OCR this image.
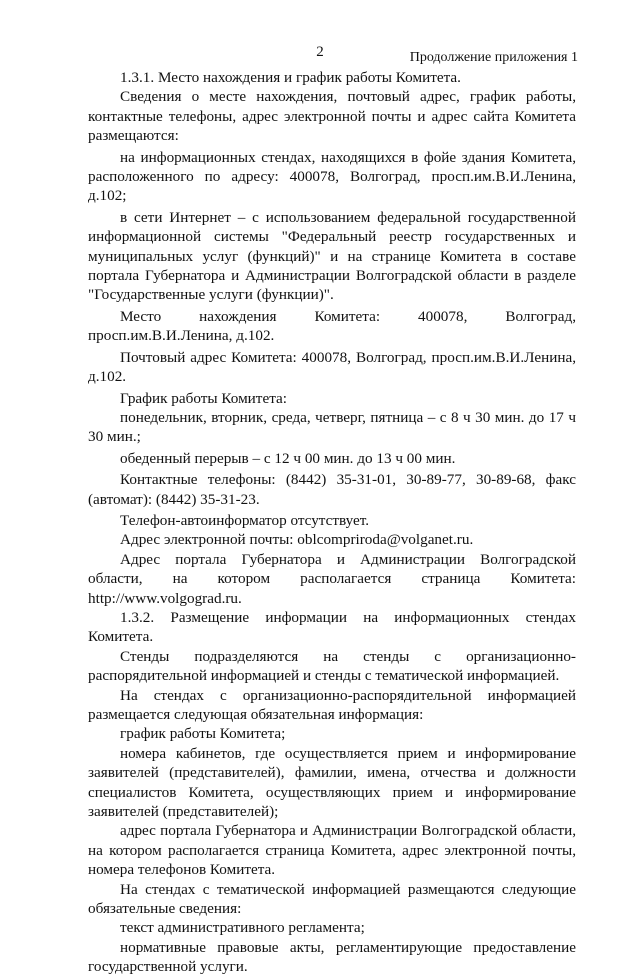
2	Продолжение приложения 1

1.3.1. Место нахождения и график работы Комитета.

Сведения о месте нахождения, почтовый адрес, график работы, контактные телефоны, адрес электронной почты и адрес сайта Комитета размещаются:

на информационных стендах, находящихся в фойе здания Комитета, расположенного по адресу: 400078, Волгоград, просп.им.В.И.Ленина, д.102;

в сети Интернет – с использованием федеральной государственной информационной системы "Федеральный реестр государственных и муниципальных услуг (функций)" и на странице Комитета в составе портала Губернатора и Администрации Волгоградской области в разделе "Государственные услуги (функции)".

Место нахождения Комитета: 400078, Волгоград, просп.им.В.И.Ленина, д.102.

Почтовый адрес Комитета: 400078, Волгоград, просп.им.В.И.Ленина, д.102.

График работы Комитета:

понедельник, вторник, среда, четверг, пятница – с 8 ч 30 мин. до 17 ч 30 мин.;

обеденный перерыв – с 12 ч 00 мин. до 13 ч 00 мин.

Контактные телефоны: (8442) 35-31-01, 30-89-77, 30-89-68, факс (автомат): (8442) 35-31-23.

Телефон-автоинформатор отсутствует.

Адрес электронной почты: oblcomprіroda@volganet.ru.

Адрес портала Губернатора и Администрации Волгоградской области, на котором располагается страница Комитета: http://www.volgograd.ru.

1.3.2. Размещение информации на информационных стендах Комитета.

Стенды подразделяются на стенды с организационно-распорядительной информацией и стенды с тематической информацией.

На стендах с организационно-распорядительной информацией размещается следующая обязательная информация:

график работы Комитета;

номера кабинетов, где осуществляется прием и информирование заявителей (представителей), фамилии, имена, отчества и должности специалистов Комитета, осуществляющих прием и информирование заявителей (представителей);

адрес портала Губернатора и Администрации Волгоградской области, на котором располагается страница Комитета, адрес электронной почты, номера телефонов Комитета.

На стендах с тематической информацией размещаются следующие обязательные сведения:

текст административного регламента;

нормативные правовые акты, регламентирующие предоставление государственной услуги.
